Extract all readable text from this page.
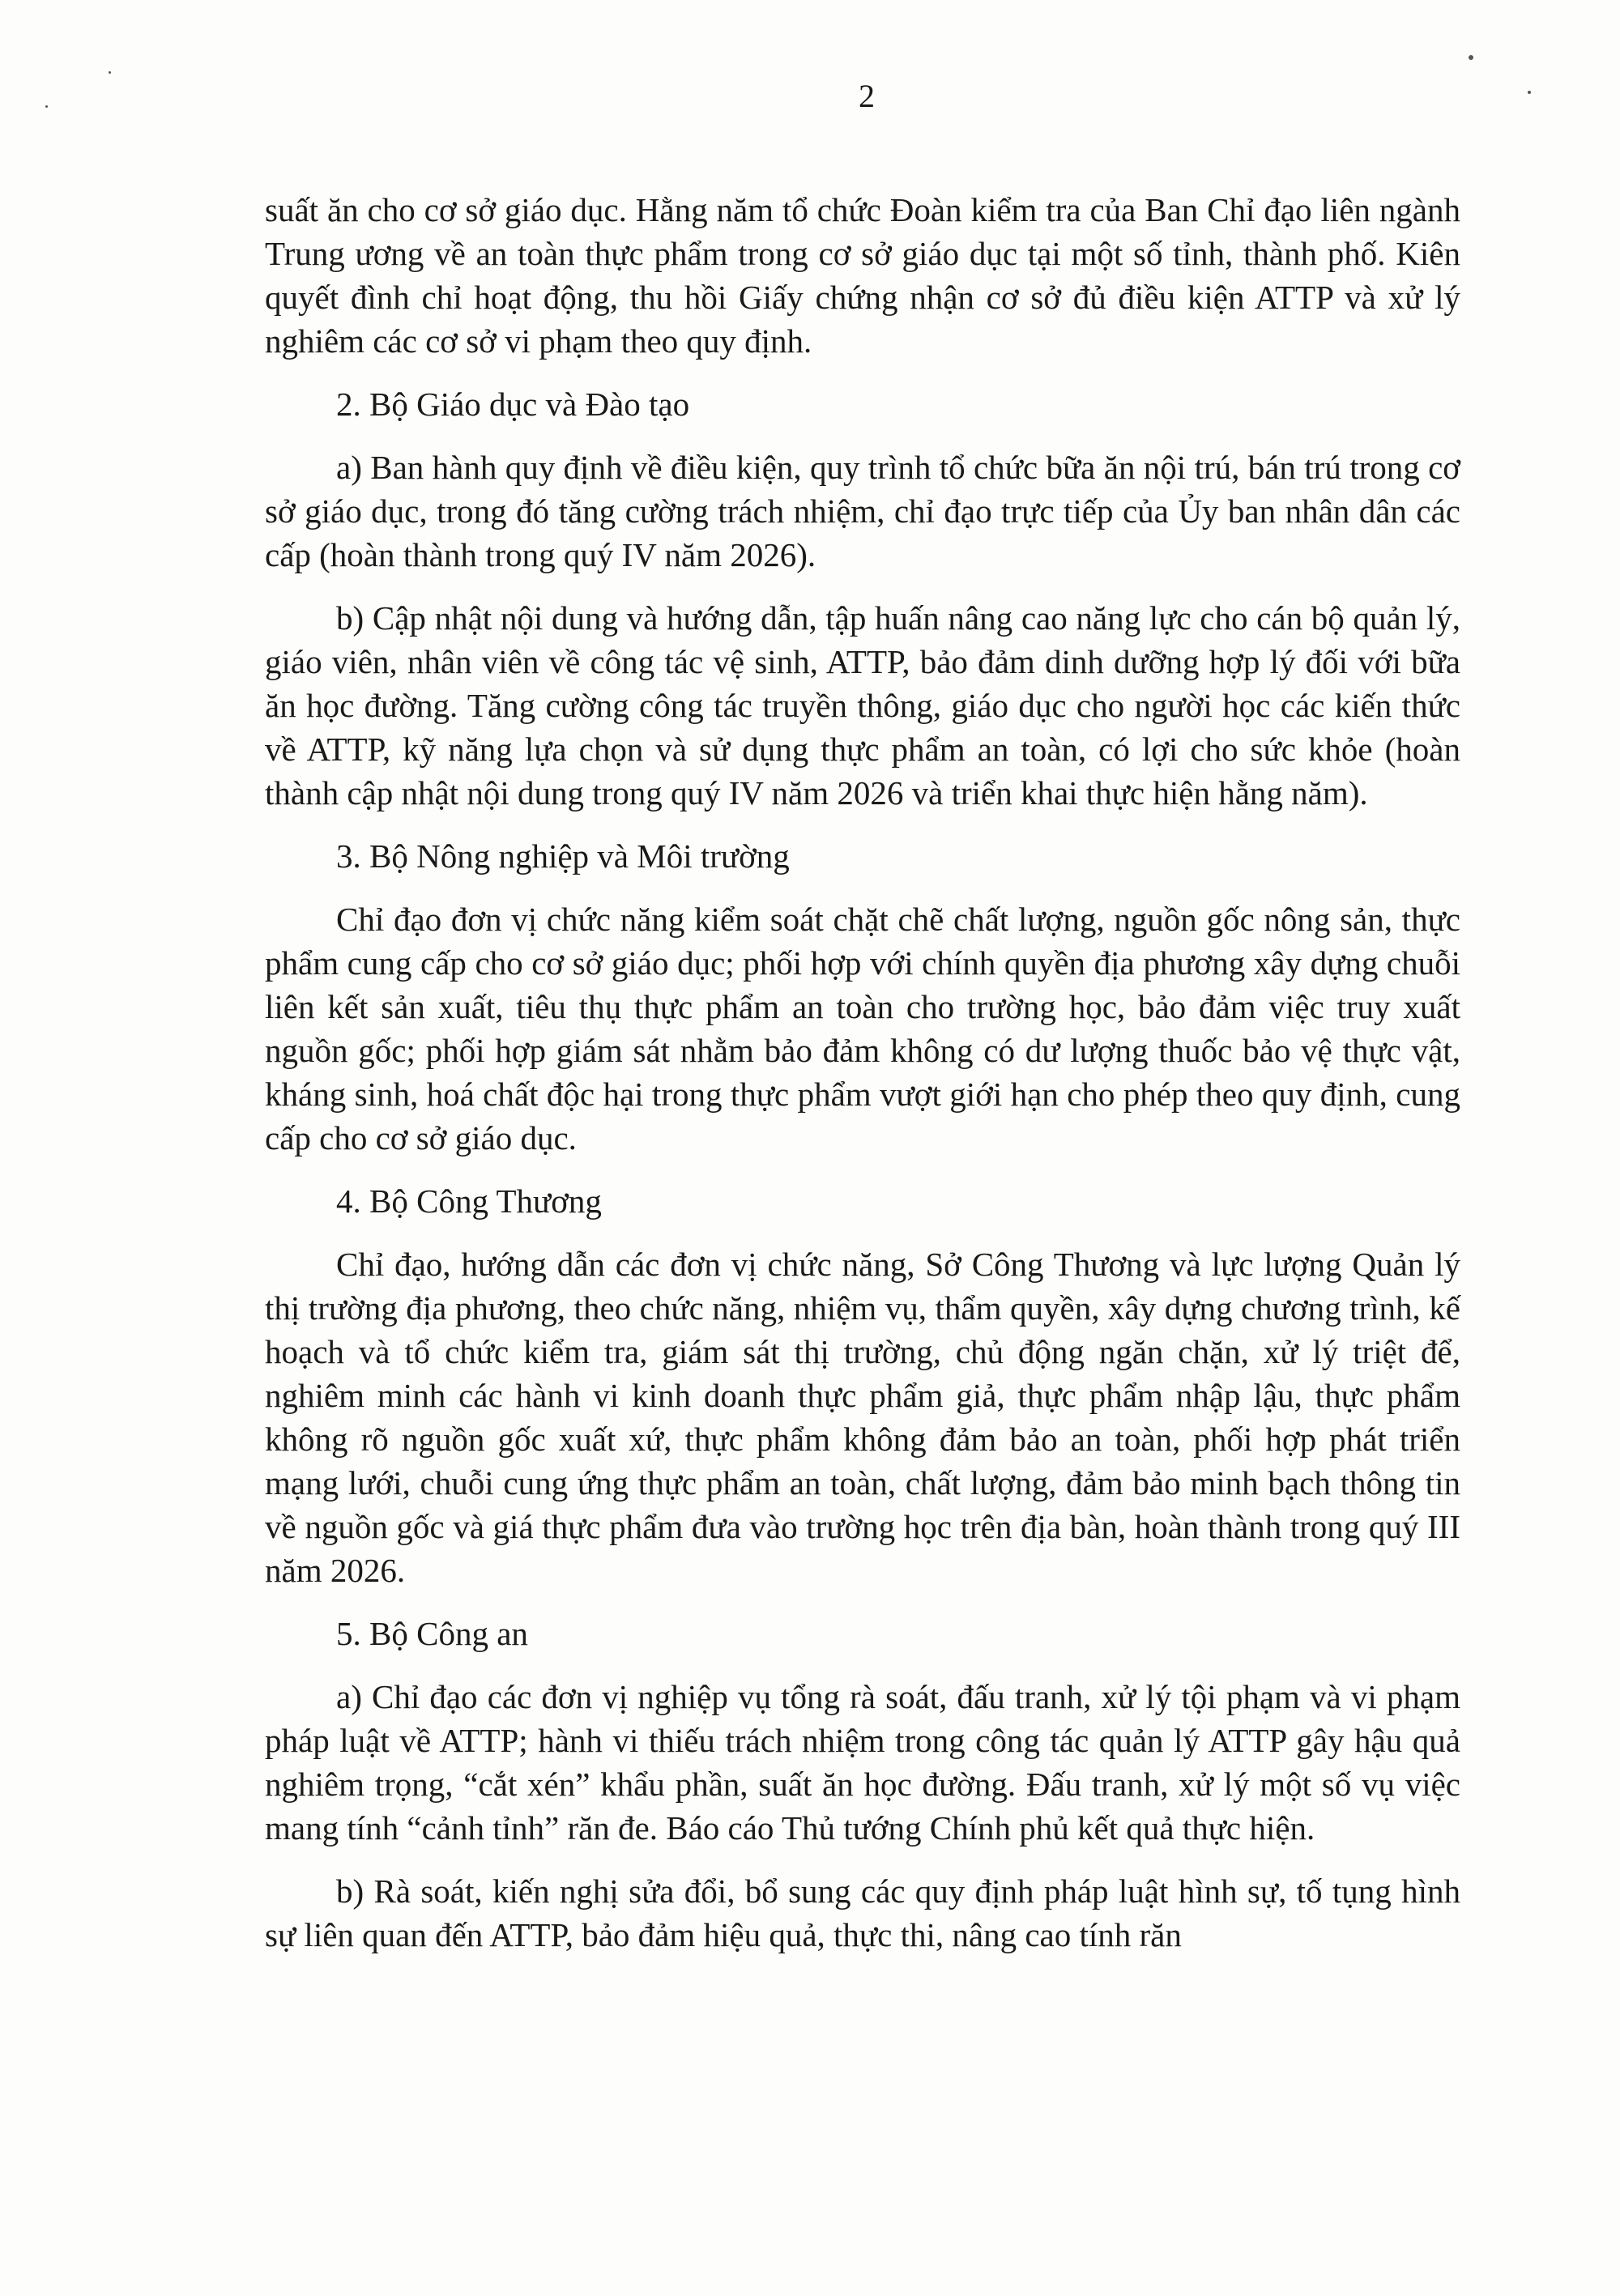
2

suất ăn cho cơ sở giáo dục. Hằng năm tổ chức Đoàn kiểm tra của Ban Chỉ đạo liên ngành Trung ương về an toàn thực phẩm trong cơ sở giáo dục tại một số tỉnh, thành phố. Kiên quyết đình chỉ hoạt động, thu hồi Giấy chứng nhận cơ sở đủ điều kiện ATTP và xử lý nghiêm các cơ sở vi phạm theo quy định.

2. Bộ Giáo dục và Đào tạo

a) Ban hành quy định về điều kiện, quy trình tổ chức bữa ăn nội trú, bán trú trong cơ sở giáo dục, trong đó tăng cường trách nhiệm, chỉ đạo trực tiếp của Ủy ban nhân dân các cấp (hoàn thành trong quý IV năm 2026).

b) Cập nhật nội dung và hướng dẫn, tập huấn nâng cao năng lực cho cán bộ quản lý, giáo viên, nhân viên về công tác vệ sinh, ATTP, bảo đảm dinh dưỡng hợp lý đối với bữa ăn học đường. Tăng cường công tác truyền thông, giáo dục cho người học các kiến thức về ATTP, kỹ năng lựa chọn và sử dụng thực phẩm an toàn, có lợi cho sức khỏe (hoàn thành cập nhật nội dung trong quý IV năm 2026 và triển khai thực hiện hằng năm).

3. Bộ Nông nghiệp và Môi trường

Chỉ đạo đơn vị chức năng kiểm soát chặt chẽ chất lượng, nguồn gốc nông sản, thực phẩm cung cấp cho cơ sở giáo dục; phối hợp với chính quyền địa phương xây dựng chuỗi liên kết sản xuất, tiêu thụ thực phẩm an toàn cho trường học, bảo đảm việc truy xuất nguồn gốc; phối hợp giám sát nhằm bảo đảm không có dư lượng thuốc bảo vệ thực vật, kháng sinh, hoá chất độc hại trong thực phẩm vượt giới hạn cho phép theo quy định, cung cấp cho cơ sở giáo dục.

4. Bộ Công Thương

Chỉ đạo, hướng dẫn các đơn vị chức năng, Sở Công Thương và lực lượng Quản lý thị trường địa phương, theo chức năng, nhiệm vụ, thẩm quyền, xây dựng chương trình, kế hoạch và tổ chức kiểm tra, giám sát thị trường, chủ động ngăn chặn, xử lý triệt để, nghiêm minh các hành vi kinh doanh thực phẩm giả, thực phẩm nhập lậu, thực phẩm không rõ nguồn gốc xuất xứ, thực phẩm không đảm bảo an toàn, phối hợp phát triển mạng lưới, chuỗi cung ứng thực phẩm an toàn, chất lượng, đảm bảo minh bạch thông tin về nguồn gốc và giá thực phẩm đưa vào trường học trên địa bàn, hoàn thành trong quý III năm 2026.

5. Bộ Công an

a) Chỉ đạo các đơn vị nghiệp vụ tổng rà soát, đấu tranh, xử lý tội phạm và vi phạm pháp luật về ATTP; hành vi thiếu trách nhiệm trong công tác quản lý ATTP gây hậu quả nghiêm trọng, “cắt xén” khẩu phần, suất ăn học đường. Đấu tranh, xử lý một số vụ việc mang tính “cảnh tỉnh” răn đe. Báo cáo Thủ tướng Chính phủ kết quả thực hiện.

b) Rà soát, kiến nghị sửa đổi, bổ sung các quy định pháp luật hình sự, tố tụng hình sự liên quan đến ATTP, bảo đảm hiệu quả, thực thi, nâng cao tính răn
